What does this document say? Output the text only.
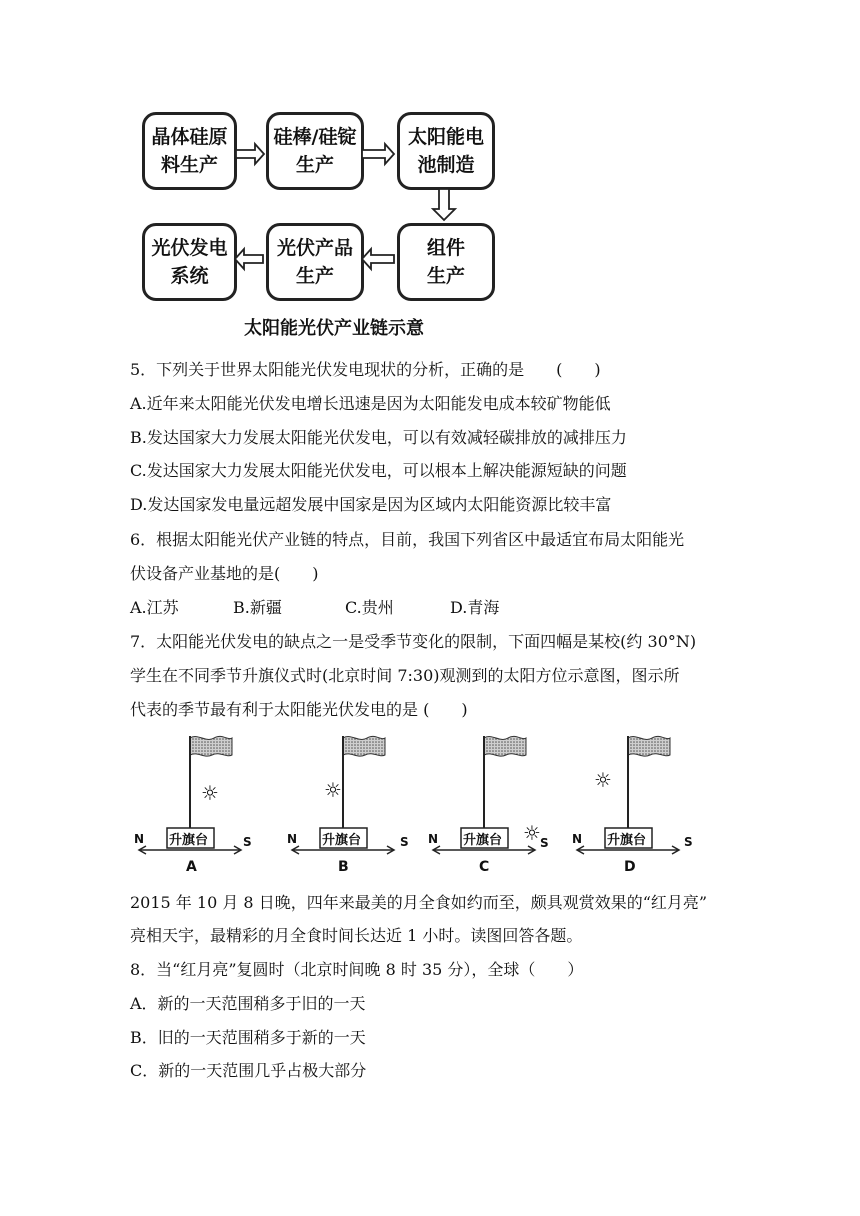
晶体硅原
料生产
硅棒/硅锭
生产
太阳能电
池制造
组件
生产
光伏产品
生产
光伏发电
系统
太阳能光伏产业链示意
5．下列关于世界太阳能光伏发电现状的分析，正确的是　　(　　)
A.近年来太阳能光伏发电增长迅速是因为太阳能发电成本较矿物能低
B.发达国家大力发展太阳能光伏发电，可以有效减轻碳排放的减排压力
C.发达国家大力发展太阳能光伏发电，可以根本上解决能源短缺的问题
D.发达国家发电量远超发展中国家是因为区域内太阳能资源比较丰富
6．根据太阳能光伏产业链的特点，目前，我国下列省区中最适宜布局太阳能光
伏设备产业基地的是(　　)
A.江苏	B.新疆	C.贵州	D.青海
7．太阳能光伏发电的缺点之一是受季节变化的限制，下面四幅是某校(约 30°N)
学生在不同季节升旗仪式时(北京时间 7:30)观测到的太阳方位示意图，图示所
代表的季节最有利于太阳能光伏发电的是 (　　)
☼
升旗台
N	S
A
☼
升旗台
N	S
B
☼
升旗台
N	S
C
☼
升旗台
N	S
D
2015 年 10 月 8 日晚，四年来最美的月全食如约而至，颇具观赏效果的“红月亮”
亮相天宇，最精彩的月全食时间长达近 1 小时。读图回答各题。
8．当“红月亮”复圆时（北京时间晚 8 时 35 分），全球（　　）
A．新的一天范围稍多于旧的一天
B．旧的一天范围稍多于新的一天
C．新的一天范围几乎占极大部分
